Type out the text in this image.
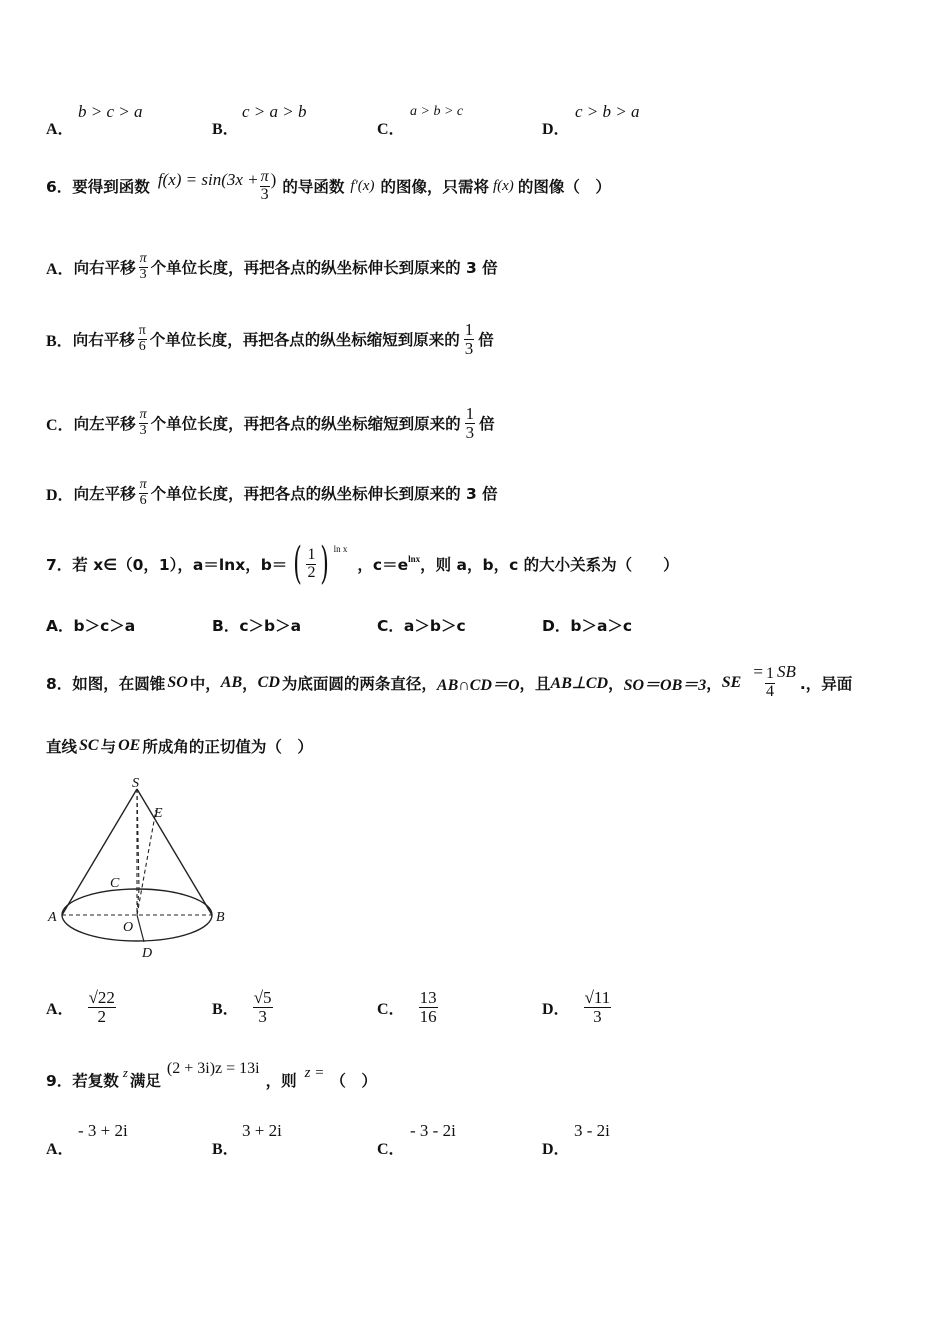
A．
b > c > a
B．
c > a > b
C．
a > b > c
D．
c > b > a
6． 要得到函数 $f(x) = \sin(3x + \frac{\pi}{3}$ ) 的导函数 f′(x) 的图像，只需将 f(x) 的图像（　）
A． 向右平移 $\frac{\pi}{3}$ 个单位长度，再把各点的纵坐标伸长到原来的 3 倍
B． 向右平移 $\frac{\pi}{6}$ 个单位长度，再把各点的纵坐标缩短到原来的 $\frac{1}{3}$ 倍
C． 向左平移 $\frac{\pi}{3}$ 个单位长度，再把各点的纵坐标缩短到原来的 $\frac{1}{3}$ 倍
D． 向左平移 $\frac{\pi}{6}$ 个单位长度，再把各点的纵坐标伸长到原来的 3 倍
7． 若 x∈（0，1），a＝lnx，b＝ ( $\frac{1}{2}$ ) ln x
，c＝e lnx ，则 a，b，c 的大小关系为（　　）
A．b＞c＞a	B．c＞b＞a	C．a＞b＞c	D．b＞a＞c
8． 如图，在圆锥 SO 中， AB ， CD 为底面圆的两条直径， AB∩CD＝O ，且 AB⊥CD ， SO＝OB＝3 ， SE
= $\frac{1}{4}$ SB
.，异面
直线 SC 与 OE 所成角的正切值为（　）
S
E
C
A
O
B
D
A． $\frac{√22}{2}$	B． $\frac{√5}{3}$	C． $\frac{13}{16}$	D． $\frac{√11}{3}$
9． 若复数 z 满足
(2 + 3i)z = 13i
，则 z = （　）
A．
- 3 + 2i
B．
3 + 2i
C．
- 3 - 2i
D．
3 - 2i
